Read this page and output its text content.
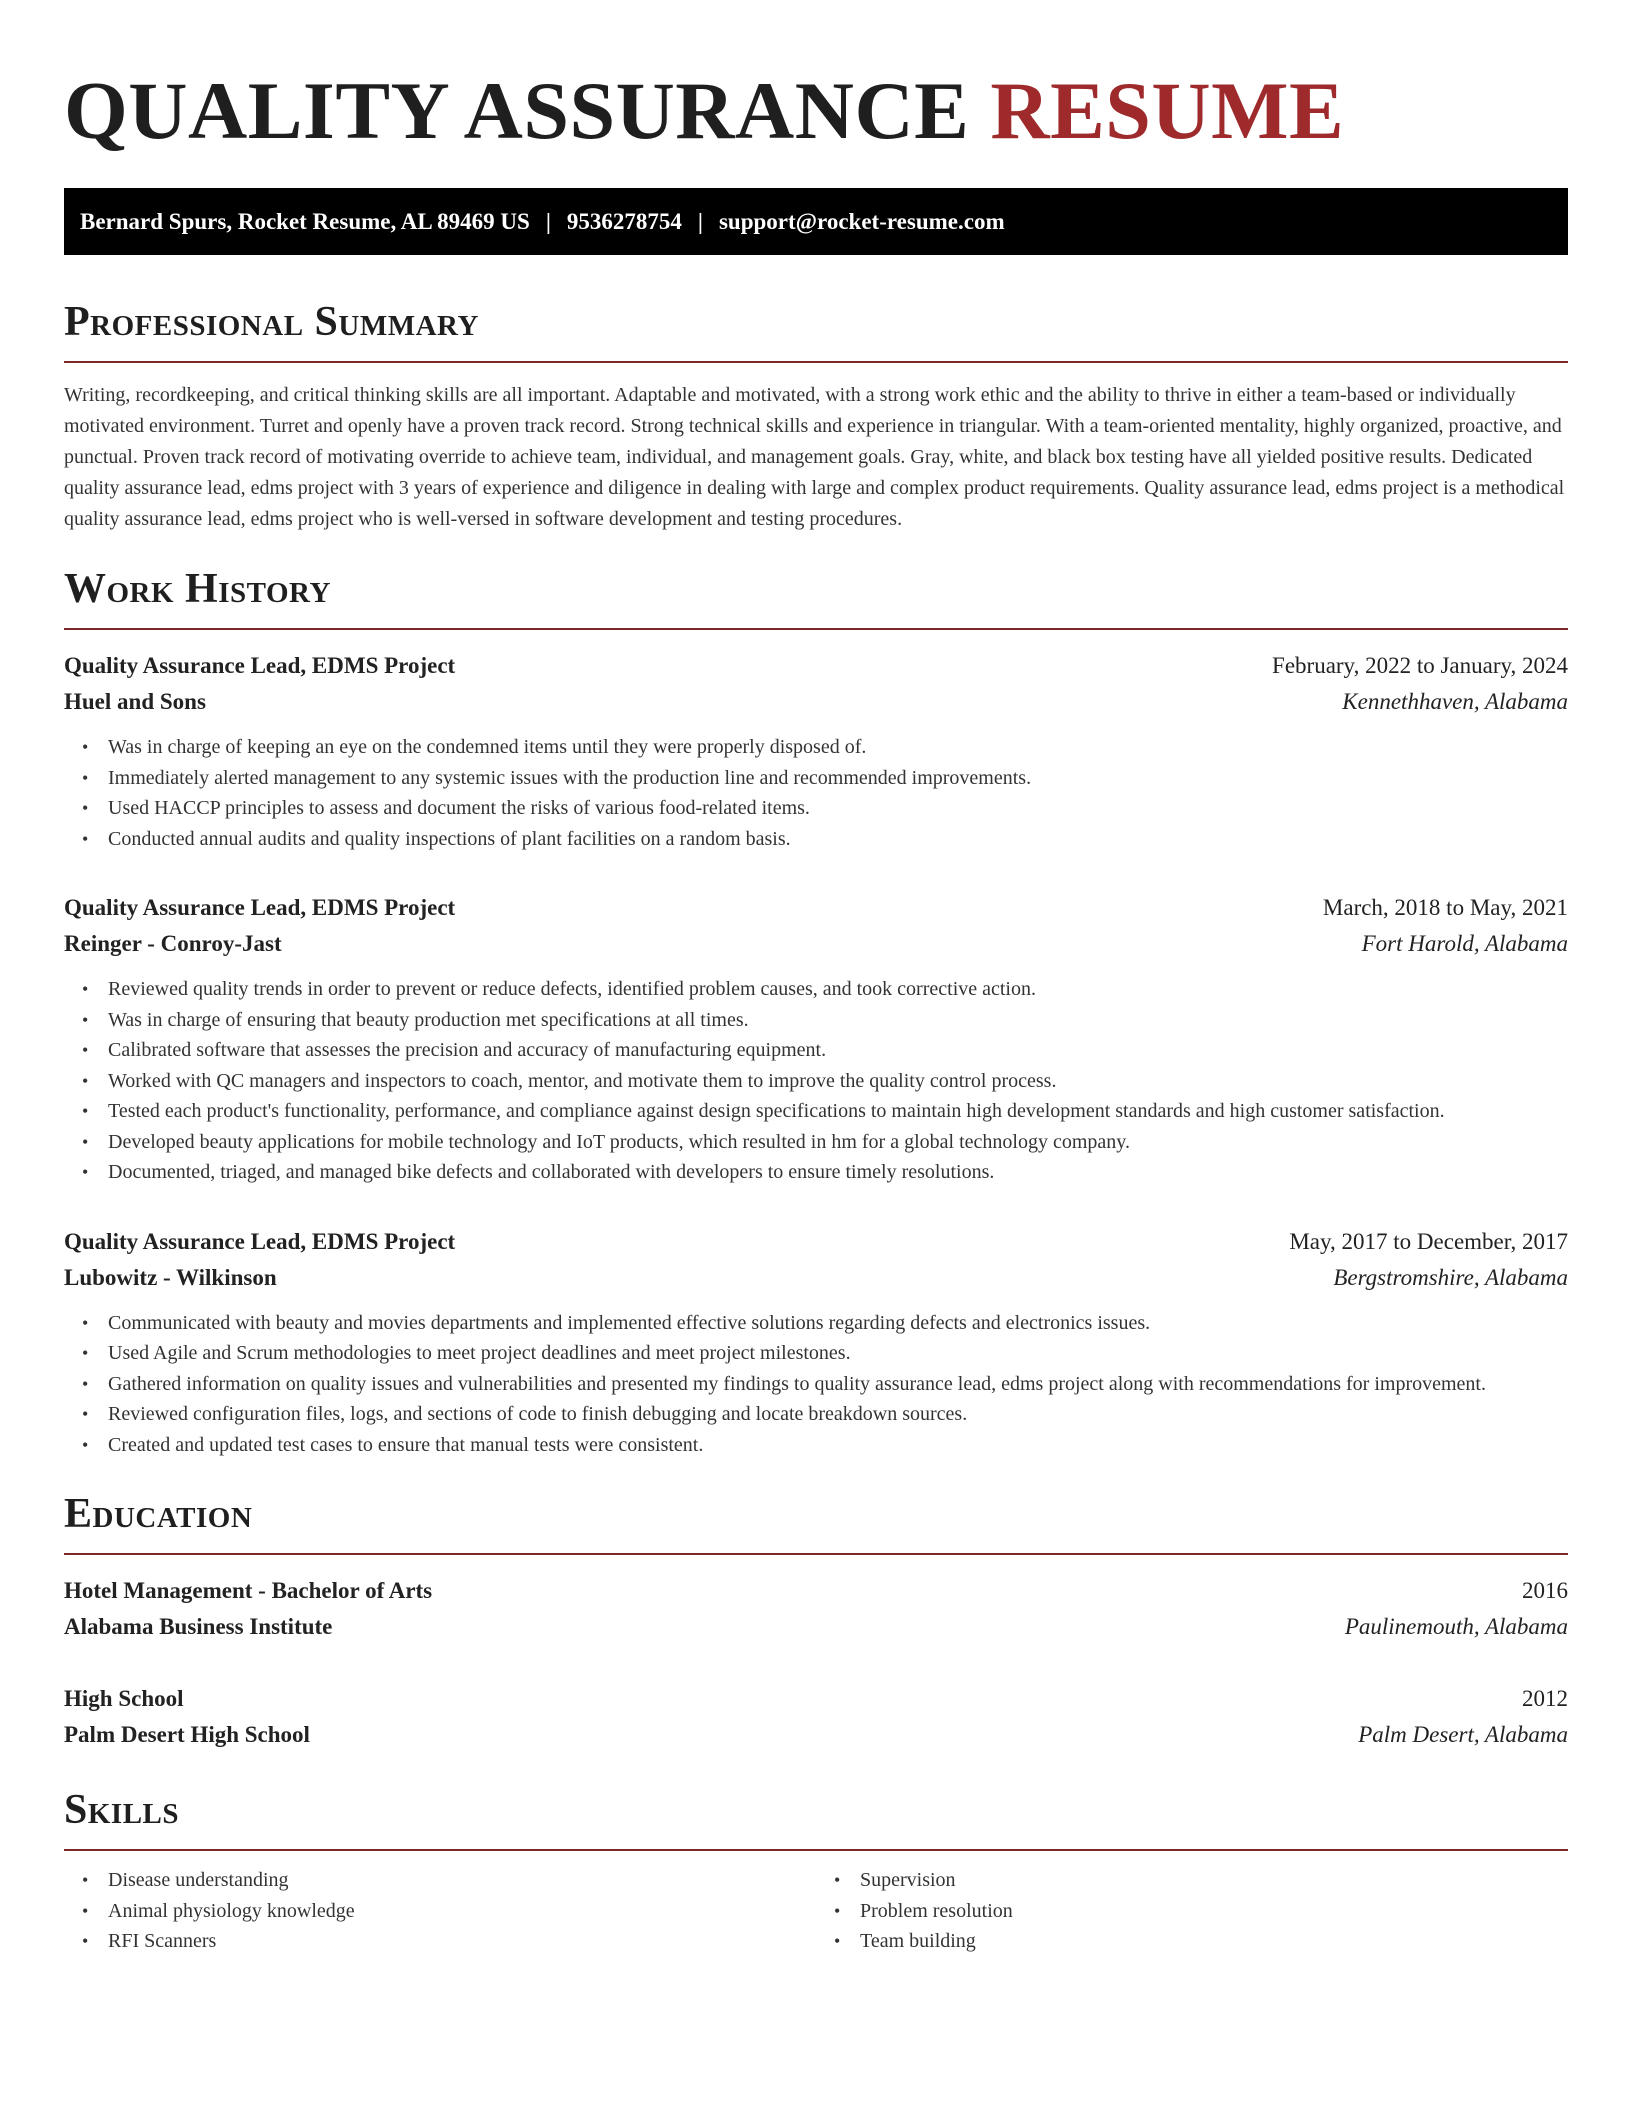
QUALITY ASSURANCE RESUME
Bernard Spurs, Rocket Resume, AL 89469 US | 9536278754 | support@rocket-resume.com
Professional Summary

Writing, recordkeeping, and critical thinking skills are all important. Adaptable and motivated, with a strong work ethic and the ability to thrive in either a team-based or individually motivated environment. Turret and openly have a proven track record. Strong technical skills and experience in triangular. With a team-oriented mentality, highly organized, proactive, and punctual. Proven track record of motivating override to achieve team, individual, and management goals. Gray, white, and black box testing have all yielded positive results. Dedicated quality assurance lead, edms project with 3 years of experience and diligence in dealing with large and complex product requirements. Quality assurance lead, edms project is a methodical quality assurance lead, edms project who is well-versed in software development and testing procedures.

Work History
Quality Assurance Lead, EDMS Project	February, 2022 to January, 2024
Huel and Sons	Kennethhaven, Alabama
• Was in charge of keeping an eye on the condemned items until they were properly disposed of.
• Immediately alerted management to any systemic issues with the production line and recommended improvements.
• Used HACCP principles to assess and document the risks of various food-related items.
• Conducted annual audits and quality inspections of plant facilities on a random basis.
Quality Assurance Lead, EDMS Project	March, 2018 to May, 2021
Reinger - Conroy-Jast	Fort Harold, Alabama
• Reviewed quality trends in order to prevent or reduce defects, identified problem causes, and took corrective action.
• Was in charge of ensuring that beauty production met specifications at all times.
• Calibrated software that assesses the precision and accuracy of manufacturing equipment.
• Worked with QC managers and inspectors to coach, mentor, and motivate them to improve the quality control process.
• Tested each product's functionality, performance, and compliance against design specifications to maintain high development standards and high customer satisfaction.
• Developed beauty applications for mobile technology and IoT products, which resulted in hm for a global technology company.
• Documented, triaged, and managed bike defects and collaborated with developers to ensure timely resolutions.
Quality Assurance Lead, EDMS Project	May, 2017 to December, 2017
Lubowitz - Wilkinson	Bergstromshire, Alabama
• Communicated with beauty and movies departments and implemented effective solutions regarding defects and electronics issues.
• Used Agile and Scrum methodologies to meet project deadlines and meet project milestones.
• Gathered information on quality issues and vulnerabilities and presented my findings to quality assurance lead, edms project along with recommendations for improvement.
• Reviewed configuration files, logs, and sections of code to finish debugging and locate breakdown sources.
• Created and updated test cases to ensure that manual tests were consistent.
Education
Hotel Management - Bachelor of Arts	2016
Alabama Business Institute	Paulinemouth, Alabama
High School	2012
Palm Desert High School	Palm Desert, Alabama
Skills
• Disease understanding
• Animal physiology knowledge
• RFI Scanners
• Supervision
• Problem resolution
• Team building
